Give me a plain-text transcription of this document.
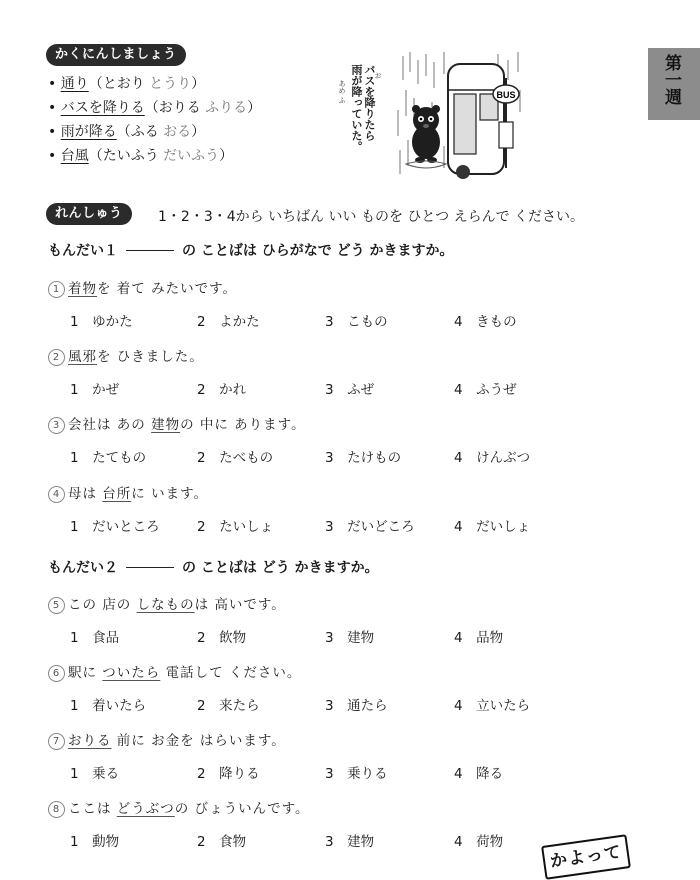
第一週
かくにんしましょう
• 通り（とおり とうり）
• バスを降りる（おりる ふりる）
• 雨が降る（ふる おる）
• 台風（たいふう だいふう）
BUS
バスを降りたら
雨が降っていた。	お
あめ ふ
れんしゅう	1・2・3・4から いちばん いい ものを ひとつ えらんで ください。
もんだい１	の ことばは ひらがなで どう かきますか。
1 着物を 着て みたいです。
1　ゆかた	2　よかた	3　こもの	4　きもの
2 風邪を ひきました。
1　かぜ	2　かれ	3　ふぜ	4　ふうぜ
3 会社は あの 建物の 中に あります。
1　たてもの	2　たべもの	3　たけもの	4　けんぶつ
4 母は 台所に います。
1　だいところ	2　たいしょ	3　だいどころ	4　だいしょ
もんだい２	の ことばは どう かきますか。
5 この 店の しなものは 高いです。
1　食品	2　飲物	3　建物	4　品物
6 駅に ついたら 電話して ください。
1　着いたら	2　来たら	3　通たら	4　立いたら
7 おりる 前に お金を はらいます。
1　乗る	2　降りる	3　乗りる	4　降る
8 ここは どうぶつの びょういんです。
1　動物	2　食物	3　建物	4　荷物
かよって
